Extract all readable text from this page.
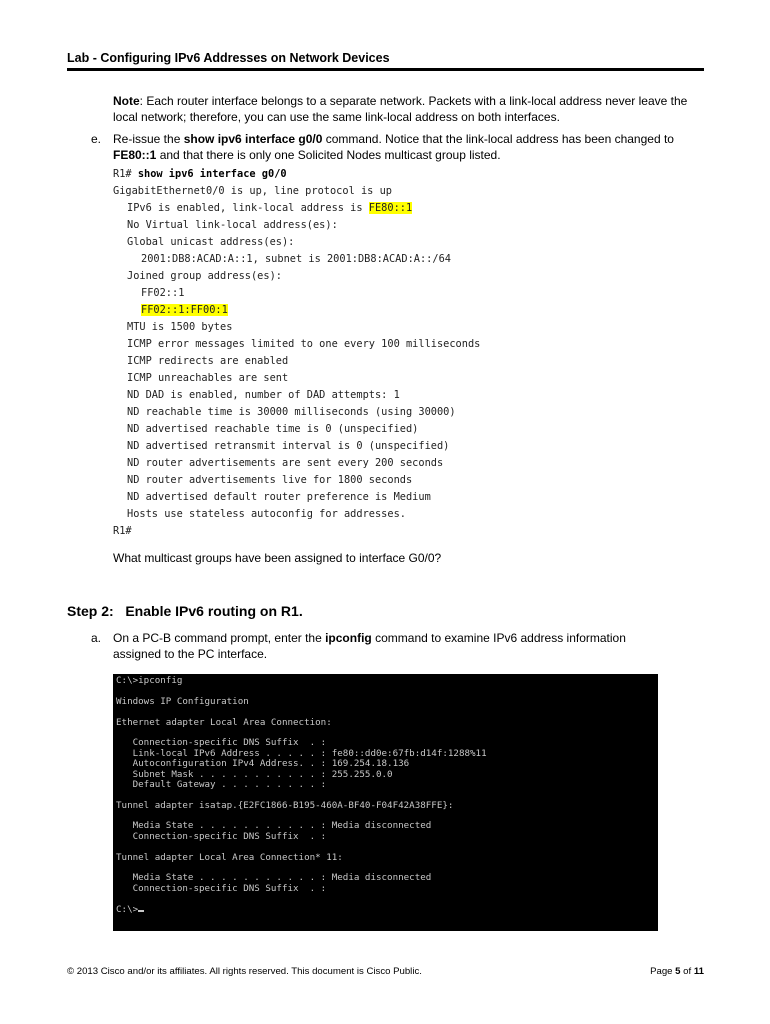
Lab - Configuring IPv6 Addresses on Network Devices
Note: Each router interface belongs to a separate network. Packets with a link-local address never leave the local network; therefore, you can use the same link-local address on both interfaces.
e. Re-issue the show ipv6 interface g0/0 command. Notice that the link-local address has been changed to FE80::1 and that there is only one Solicited Nodes multicast group listed.
R1# show ipv6 interface g0/0
GigabitEthernet0/0 is up, line protocol is up
IPv6 is enabled, link-local address is FE80::1
No Virtual link-local address(es):
Global unicast address(es):
2001:DB8:ACAD:A::1, subnet is 2001:DB8:ACAD:A::/64
Joined group address(es):
FF02::1
FF02::1:FF00:1
MTU is 1500 bytes
ICMP error messages limited to one every 100 milliseconds
ICMP redirects are enabled
ICMP unreachables are sent
ND DAD is enabled, number of DAD attempts: 1
ND reachable time is 30000 milliseconds (using 30000)
ND advertised reachable time is 0 (unspecified)
ND advertised retransmit interval is 0 (unspecified)
ND router advertisements are sent every 200 seconds
ND router advertisements live for 1800 seconds
ND advertised default router preference is Medium
Hosts use stateless autoconfig for addresses.
R1#
What multicast groups have been assigned to interface G0/0?
Step 2:   Enable IPv6 routing on R1.
a. On a PC-B command prompt, enter the ipconfig command to examine IPv6 address information assigned to the PC interface.
C:\>ipconfig
Windows IP Configuration
Ethernet adapter Local Area Connection:
Connection-specific DNS Suffix  . :
Link-local IPv6 Address . . . . . : fe80::dd0e:67fb:d14f:1288%11
Autoconfiguration IPv4 Address. . : 169.254.18.136
Subnet Mask . . . . . . . . . . . : 255.255.0.0
Default Gateway . . . . . . . . . :
Tunnel adapter isatap.{E2FC1866-B195-460A-BF40-F04F42A38FFE}:
Media State . . . . . . . . . . . : Media disconnected
Connection-specific DNS Suffix  . :
Tunnel adapter Local Area Connection* 11:
Media State . . . . . . . . . . . : Media disconnected
Connection-specific DNS Suffix  . :
C:\>
© 2013 Cisco and/or its affiliates. All rights reserved. This document is Cisco Public.	Page 5 of 11
